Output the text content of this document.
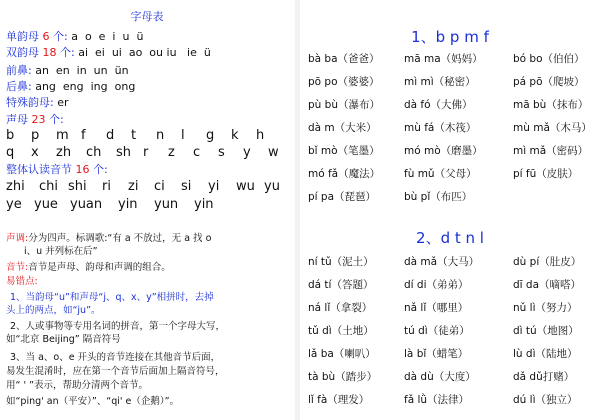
字母表
单韵母 6 个: a  o  e  i  u  ü
双韵母 18 个: ai  ei  ui  ao  ou iu   ie  ü
前鼻: an  en  in  un  ün
后鼻: ang  eng  ing  ong
特殊韵母: er
声母 23 个:
b p m f d t n l g k h
q x zh ch sh r z c s y w
整体认读音节 16 个:
zhi chi shi ri zi ci si yi wu yu
ye yue yuan yin yun yin
声调:分为四声。标调歌:“有 a 不放过，无 a 找 o
i、u 并列标在后”
音节:音节是声母、韵母和声调的组合。
易错点:
1、当韵母“u”和声母“j、q、x、y”相拼时，去掉
头上的两点，如“ju”。
2、人或事物等专用名词的拼音，第一个字母大写，
如“北京 Beijing” 隔音符号
3、当 a、o、e 开头的音节连接在其他音节后面，
易发生混淆时，应在第一个音节后面加上隔音符号，
用“ ' ”表示，帮助分清两个音节。
如“ping' an（平安）”、“qi' e（企鹅）”。
1、b p m f
bà ba（爸爸） mā ma（妈妈）	bó bo（伯伯）
pō po（婆婆） mì mì（秘密）	pá pō（爬坡）
pù bù（瀑布） dà fó（大佛）	mā bù（抹布）
dà m（大米）	mù fá（木筏）	mù mǎ（木马）
bǐ mò（笔墨） mó mò（磨墨）	mì mǎ（密码）
mó fǎ（魔法） fù mǔ（父母）	pí fū（皮肤）
pí pa（琵琶）	bù pǐ（布匹）
2、d t n l
ní tǔ（泥土）	dà mǎ（大马）	dù pí（肚皮）
dá tí（答题）	dí di（弟弟）	dī da（嘀嗒）
ná lǐ（拿裂）	nǎ lǐ（哪里）	nǔ lì（努力）
tǔ dì（土地）	tú dì（徒弟）	dì tú（地图）
lǎ ba（喇叭）	là bǐ（蜡笔）	lù dì（陆地）
tà bù（踏步）	dà dù（大度）	dǎ dǔ打赌）
lǐ fà（理发）	fǎ lǜ（法律）	dú lì（独立）
